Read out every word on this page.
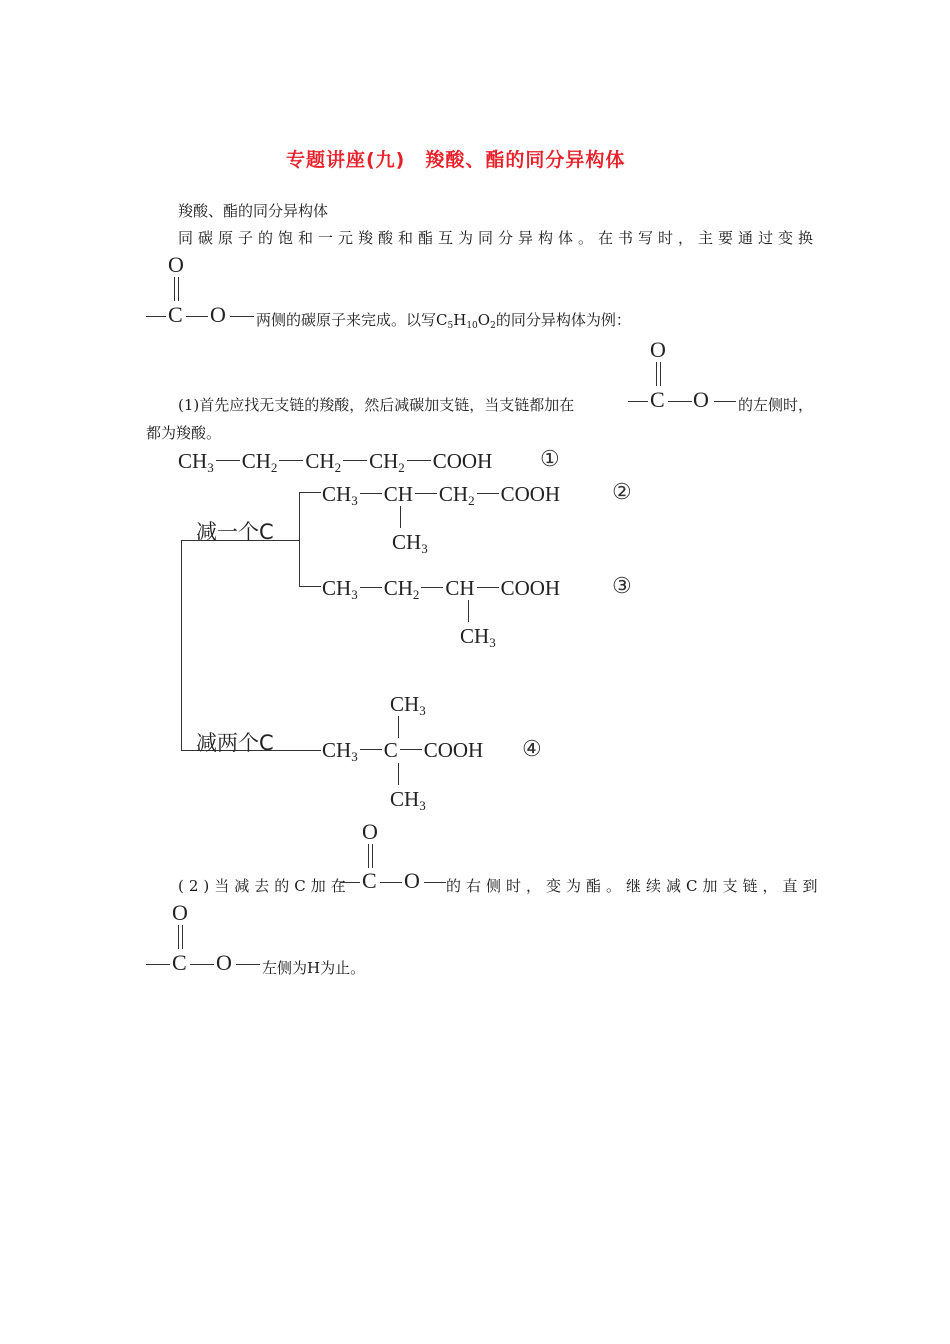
专题讲座(九)　羧酸、酯的同分异构体
羧酸、酯的同分异构体
同碳原子的饱和一元羧酸和酯互为同分异构体。在书写时，主要通过变换
O
C O 两侧的碳原子来完成。以写$C_5H_{10}O_2$的同分异构体为例：
O
C O
(1)首先应找无支链的羧酸，然后减碳加支链，当支链都加在	的左侧时，
都为羧酸。
$CH_3$ $CH_2$ $CH_2$ $CH_2$ COOH ①
减一个C
减两个C
$CH_3$ CH $CH_2$ COOH
$CH_3$
②
$CH_3$ $CH_2$ CH COOH
$CH_3$
③
$CH_3$
$CH_3$ C COOH
$CH_3$
④
O
C O
(2)当减去的C加在	的右侧时，变为酯。继续减C加支链，直到
O
C O 左侧为H为止。
